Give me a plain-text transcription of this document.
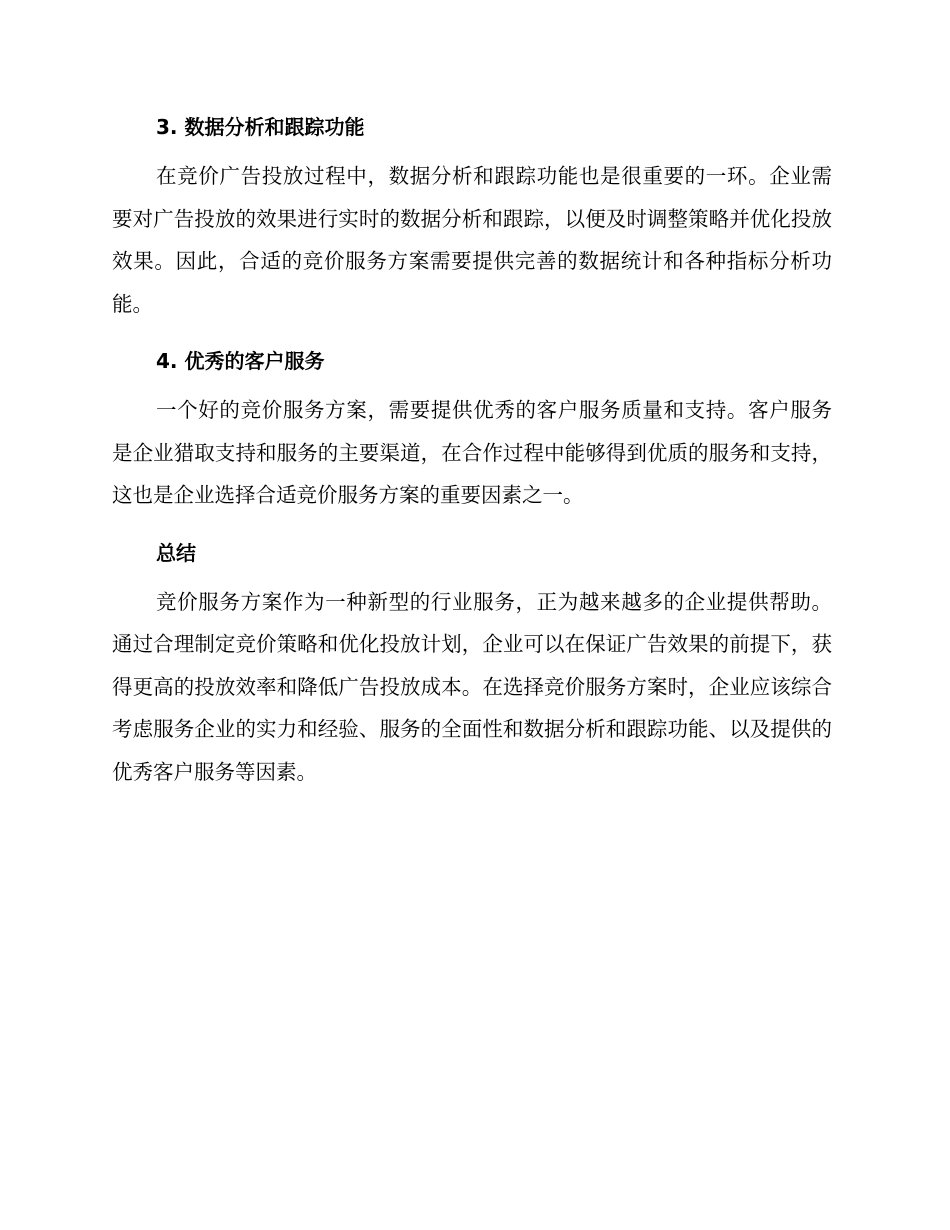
3. 数据分析和跟踪功能

在竞价广告投放过程中，数据分析和跟踪功能也是很重要的一环。企业需要对广告投放的效果进行实时的数据分析和跟踪，以便及时调整策略并优化投放效果。因此，合适的竞价服务方案需要提供完善的数据统计和各种指标分析功能。

4. 优秀的客户服务

一个好的竞价服务方案，需要提供优秀的客户服务质量和支持。客户服务是企业猎取支持和服务的主要渠道，在合作过程中能够得到优质的服务和支持，这也是企业选择合适竞价服务方案的重要因素之一。

总结

竞价服务方案作为一种新型的行业服务，正为越来越多的企业提供帮助。通过合理制定竞价策略和优化投放计划，企业可以在保证广告效果的前提下，获得更高的投放效率和降低广告投放成本。在选择竞价服务方案时，企业应该综合考虑服务企业的实力和经验、服务的全面性和数据分析和跟踪功能、以及提供的优秀客户服务等因素。
